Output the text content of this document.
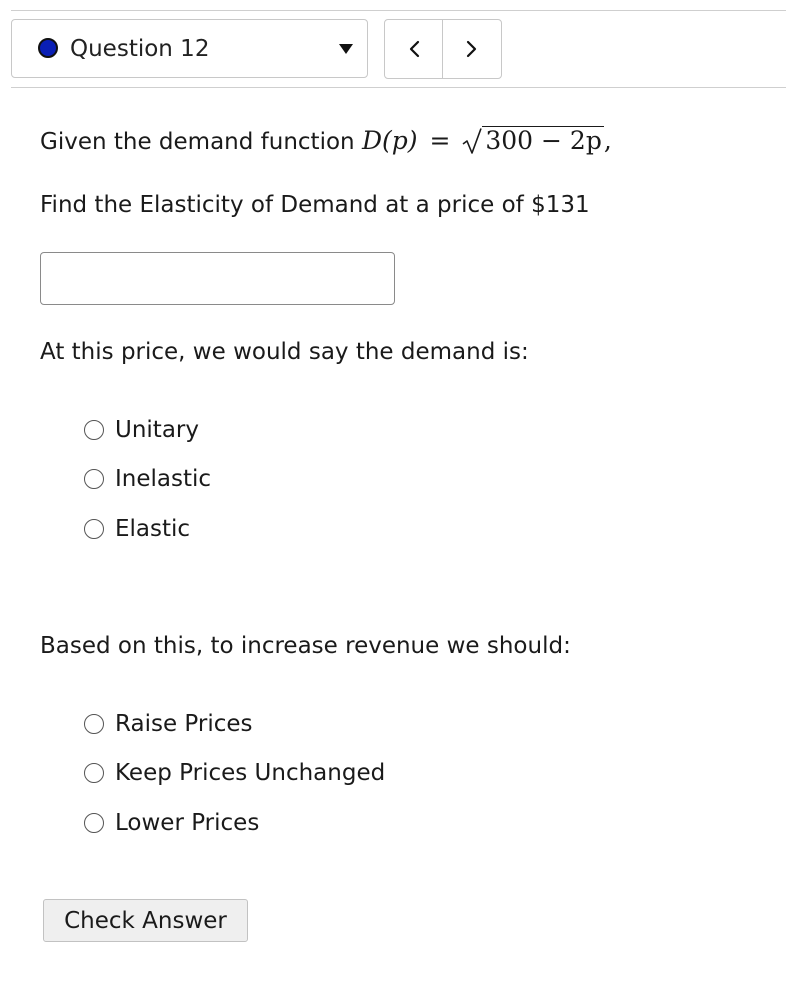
Question 12
Given the demand function D(p) = 300 − 2p,
Find the Elasticity of Demand at a price of $131
At this price, we would say the demand is:
Unitary
Inelastic
Elastic
Based on this, to increase revenue we should:
Raise Prices
Keep Prices Unchanged
Lower Prices
Check Answer
